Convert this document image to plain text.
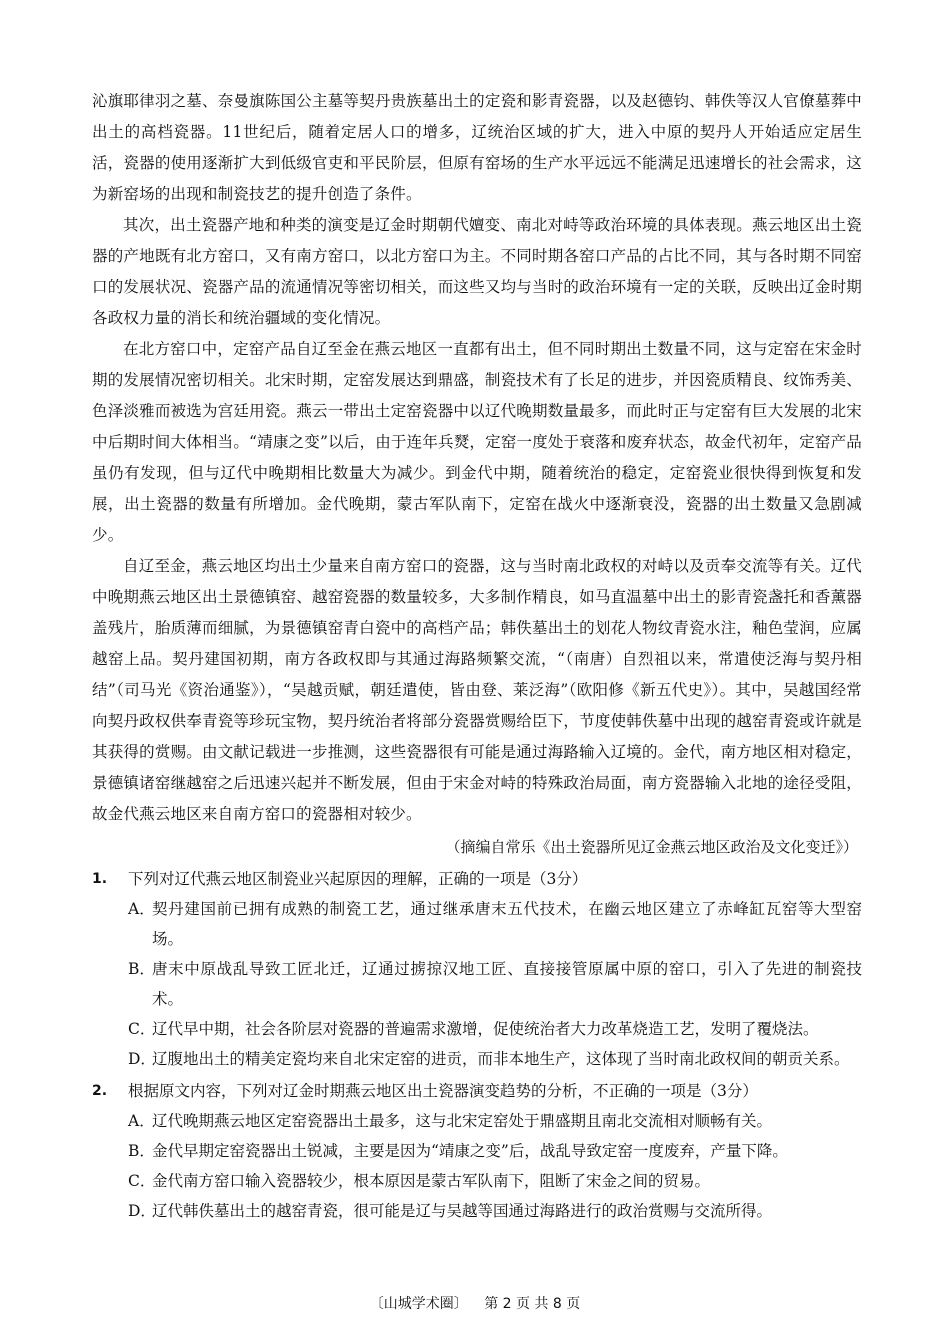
沁旗耶律羽之墓、奈曼旗陈国公主墓等契丹贵族墓出土的定瓷和影青瓷器，以及赵德钧、韩佚等汉人官僚墓葬中出土的高档瓷器。11世纪后，随着定居人口的增多，辽统治区域的扩大，进入中原的契丹人开始适应定居生活，瓷器的使用逐渐扩大到低级官吏和平民阶层，但原有窑场的生产水平远远不能满足迅速增长的社会需求，这为新窑场的出现和制瓷技艺的提升创造了条件。

其次，出土瓷器产地和种类的演变是辽金时期朝代嬗变、南北对峙等政治环境的具体表现。燕云地区出土瓷器的产地既有北方窑口，又有南方窑口，以北方窑口为主。不同时期各窑口产品的占比不同，其与各时期不同窑口的发展状况、瓷器产品的流通情况等密切相关，而这些又均与当时的政治环境有一定的关联，反映出辽金时期各政权力量的消长和统治疆域的变化情况。

在北方窑口中，定窑产品自辽至金在燕云地区一直都有出土，但不同时期出土数量不同，这与定窑在宋金时期的发展情况密切相关。北宋时期，定窑发展达到鼎盛，制瓷技术有了长足的进步，并因瓷质精良、纹饰秀美、色泽淡雅而被选为宫廷用瓷。燕云一带出土定窑瓷器中以辽代晚期数量最多，而此时正与定窑有巨大发展的北宋中后期时间大体相当。“靖康之变”以后，由于连年兵燹，定窑一度处于衰落和废弃状态，故金代初年，定窑产品虽仍有发现，但与辽代中晚期相比数量大为减少。到金代中期，随着统治的稳定，定窑瓷业很快得到恢复和发展，出土瓷器的数量有所增加。金代晚期，蒙古军队南下，定窑在战火中逐渐衰没，瓷器的出土数量又急剧减少。

自辽至金，燕云地区均出土少量来自南方窑口的瓷器，这与当时南北政权的对峙以及贡奉交流等有关。辽代中晚期燕云地区出土景德镇窑、越窑瓷器的数量较多，大多制作精良，如马直温墓中出土的影青瓷盏托和香薰器盖残片，胎质薄而细腻，为景德镇窑青白瓷中的高档产品；韩佚墓出土的划花人物纹青瓷水注，釉色莹润，应属越窑上品。契丹建国初期，南方各政权即与其通过海路频繁交流，“（南唐）自烈祖以来，常遣使泛海与契丹相结”（司马光《资治通鉴》），“吴越贡赋，朝廷遣使，皆由登、莱泛海”（欧阳修《新五代史》）。其中，吴越国经常向契丹政权供奉青瓷等珍玩宝物，契丹统治者将部分瓷器赏赐给臣下，节度使韩佚墓中出现的越窑青瓷或许就是其获得的赏赐。由文献记载进一步推测，这些瓷器很有可能是通过海路输入辽境的。金代，南方地区相对稳定，景德镇诸窑继越窑之后迅速兴起并不断发展，但由于宋金对峙的特殊政治局面，南方瓷器输入北地的途径受阻，故金代燕云地区来自南方窑口的瓷器相对较少。

（摘编自常乐《出土瓷器所见辽金燕云地区政治及文化变迁》）

1.	下列对辽代燕云地区制瓷业兴起原因的理解，正确的一项是（3分）
A．
契丹建国前已拥有成熟的制瓷工艺，通过继承唐末五代技术，在幽云地区建立了赤峰缸瓦窑等大型窑场。
B．
唐末中原战乱导致工匠北迁，辽通过掳掠汉地工匠、直接接管原属中原的窑口，引入了先进的制瓷技术。
C．
辽代早中期，社会各阶层对瓷器的普遍需求激增，促使统治者大力改革烧造工艺，发明了覆烧法。
D．
辽腹地出土的精美定瓷均来自北宋定窑的进贡，而非本地生产，这体现了当时南北政权间的朝贡关系。
2.	根据原文内容，下列对辽金时期燕云地区出土瓷器演变趋势的分析，不正确的一项是（3分）
A．
辽代晚期燕云地区定窑瓷器出土最多，这与北宋定窑处于鼎盛期且南北交流相对顺畅有关。
B．
金代早期定窑瓷器出土锐减，主要是因为“靖康之变”后，战乱导致定窑一度废弃，产量下降。
C．
金代南方窑口输入瓷器较少，根本原因是蒙古军队南下，阻断了宋金之间的贸易。
D．
辽代韩佚墓出土的越窑青瓷，很可能是辽与吴越等国通过海路进行的政治赏赐与交流所得。
〔山城学术圈〕 第 2 页 共 8 页
